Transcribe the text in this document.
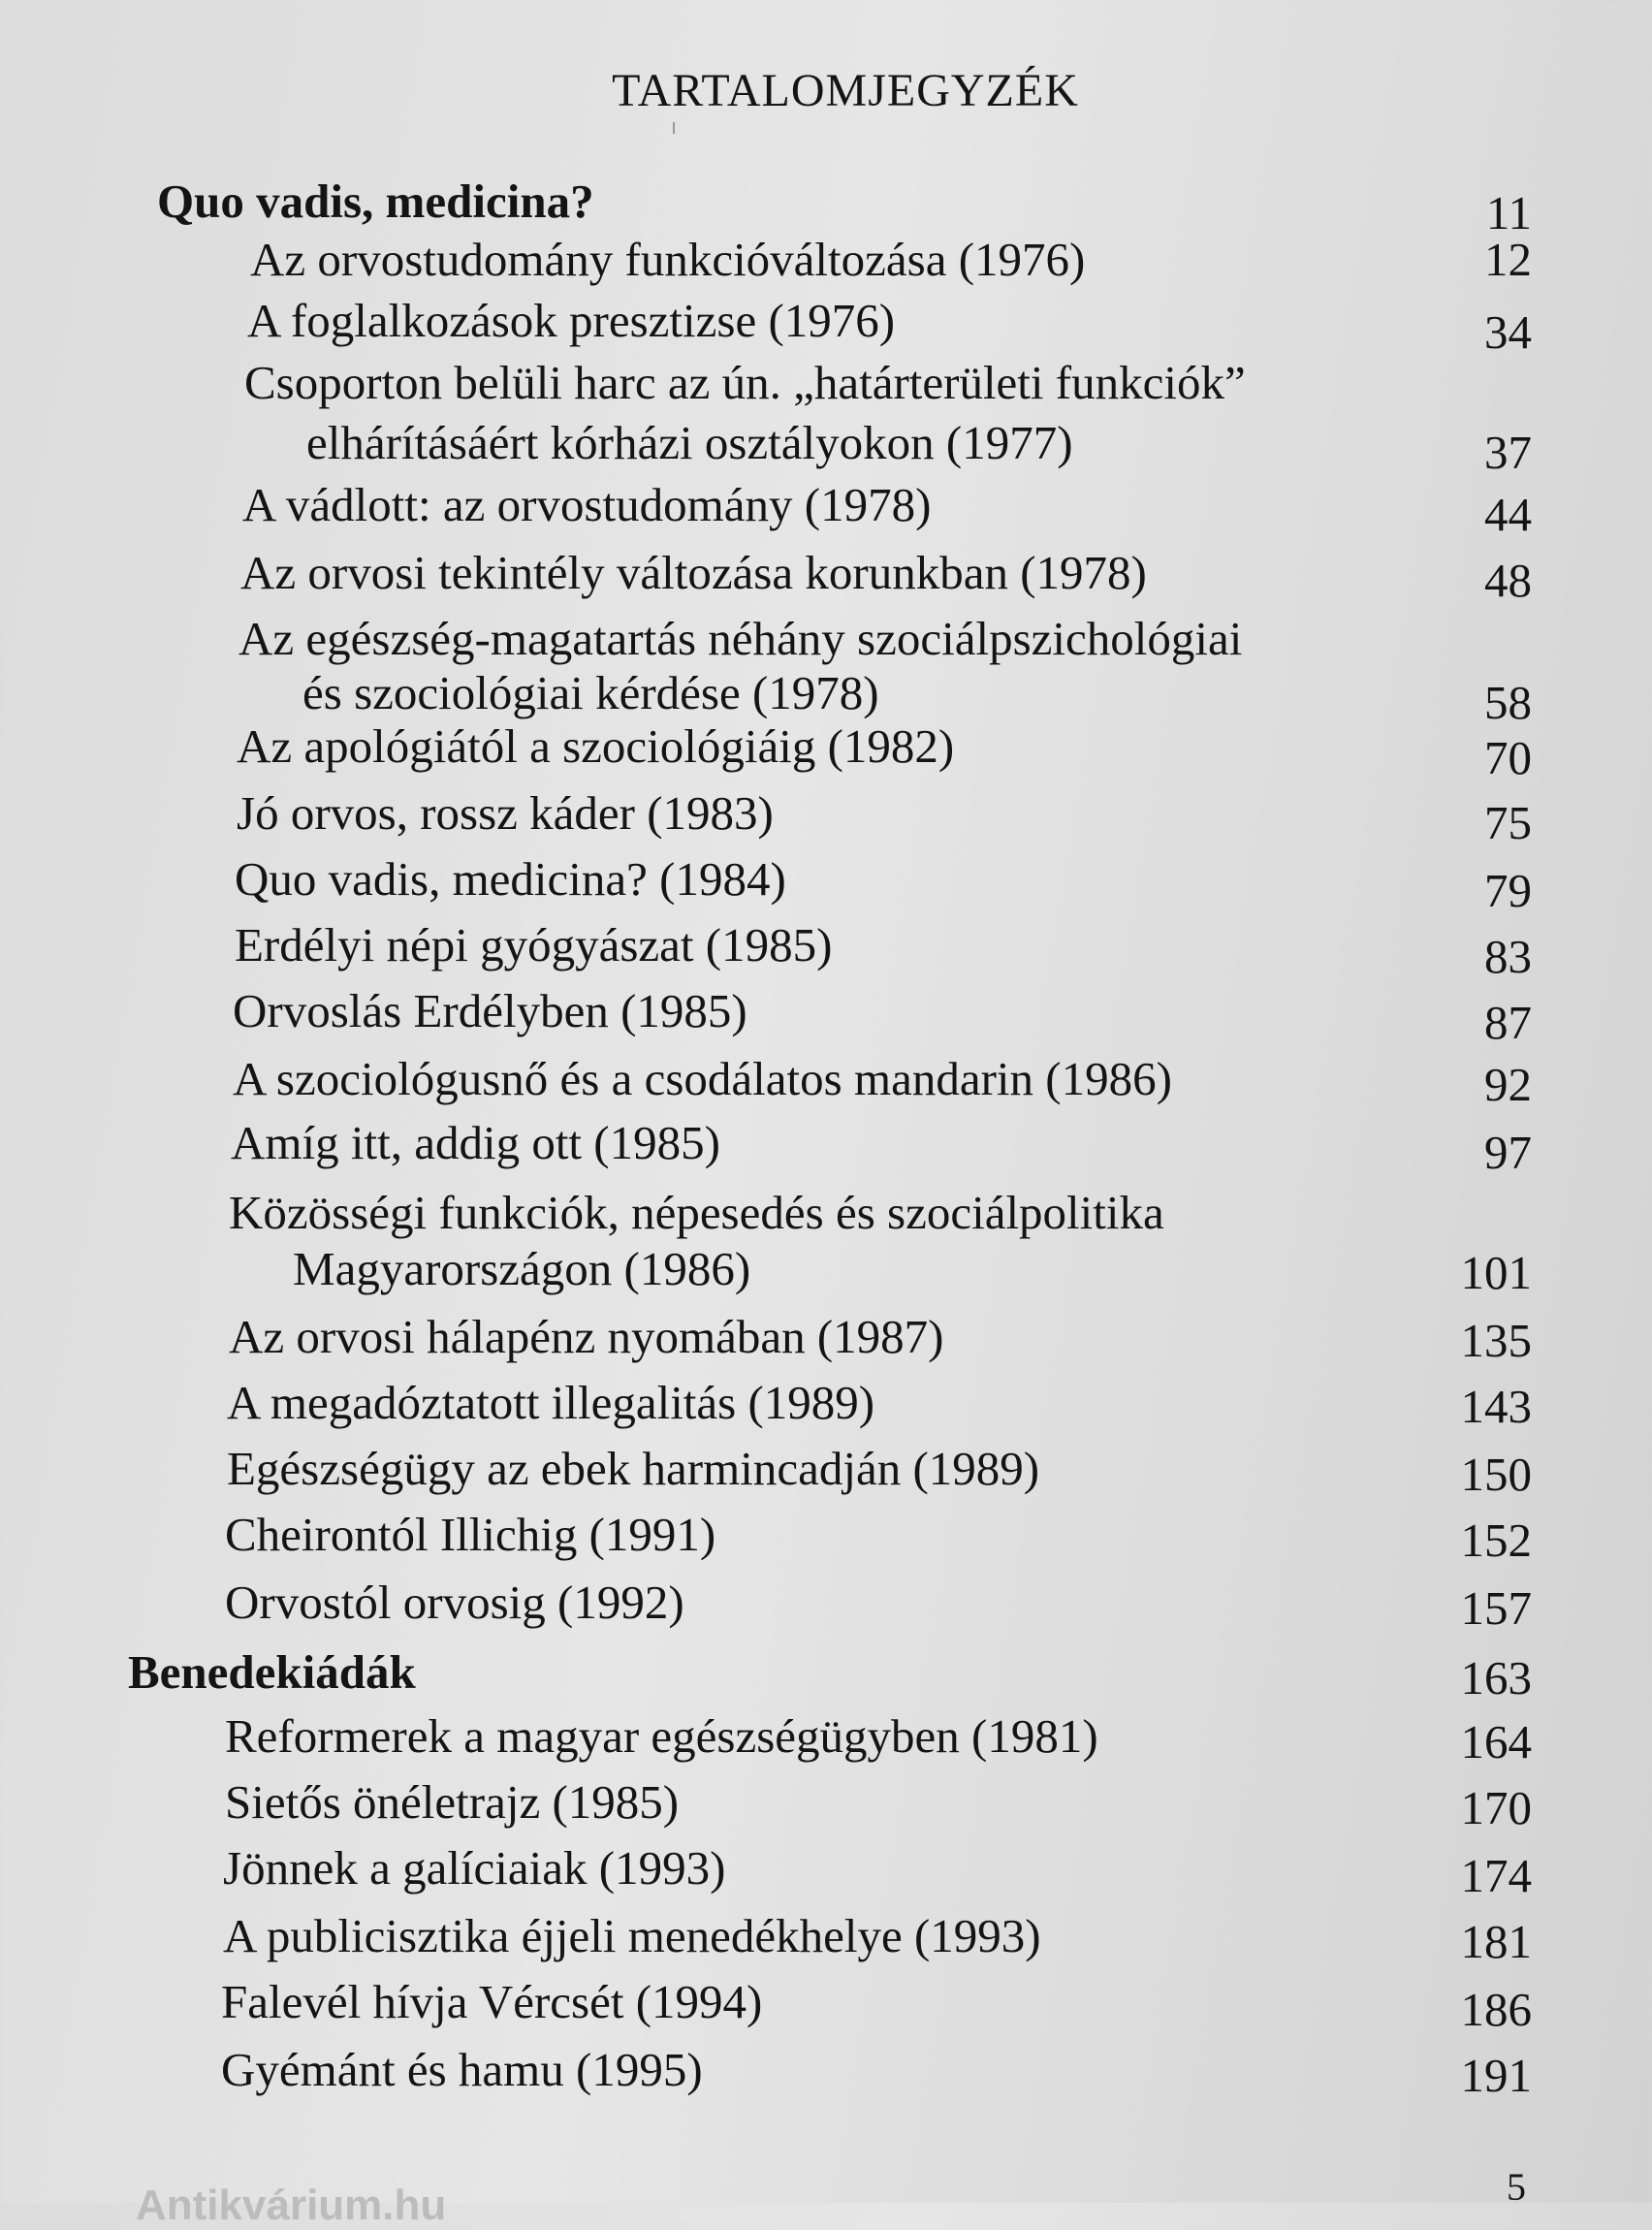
TARTALOMJEGYZÉK
Quo vadis, medicina?	11
Az orvostudomány funkcióváltozása (1976)	12
A foglalkozások presztizse (1976)	34
Csoporton belüli harc az ún. „határterületi funkciók”
elhárításáért kórházi osztályokon (1977)	37
A vádlott: az orvostudomány (1978)	44
Az orvosi tekintély változása korunkban (1978)	48
Az egészség-magatartás néhány szociálpszichológiai
és szociológiai kérdése (1978)	58
Az apológiától a szociológiáig (1982)	70
Jó orvos, rossz káder (1983)	75
Quo vadis, medicina? (1984)	79
Erdélyi népi gyógyászat (1985)	83
Orvoslás Erdélyben (1985)	87
A szociológusnő és a csodálatos mandarin (1986)	92
Amíg itt, addig ott (1985)	97
Közösségi funkciók, népesedés és szociálpolitika
Magyarországon (1986)	101
Az orvosi hálapénz nyomában (1987)	135
A megadóztatott illegalitás (1989)	143
Egészségügy az ebek harmincadján (1989)	150
Cheirontól Illichig (1991)	152
Orvostól orvosig (1992)	157
Benedekiádák	163
Reformerek a magyar egészségügyben (1981)	164
Sietős önéletrajz (1985)	170
Jönnek a galíciaiak (1993)	174
A publicisztika éjjeli menedékhelye (1993)	181
Falevél hívja Vércsét (1994)	186
Gyémánt és hamu (1995)	191
5
Antikvárium.hu
